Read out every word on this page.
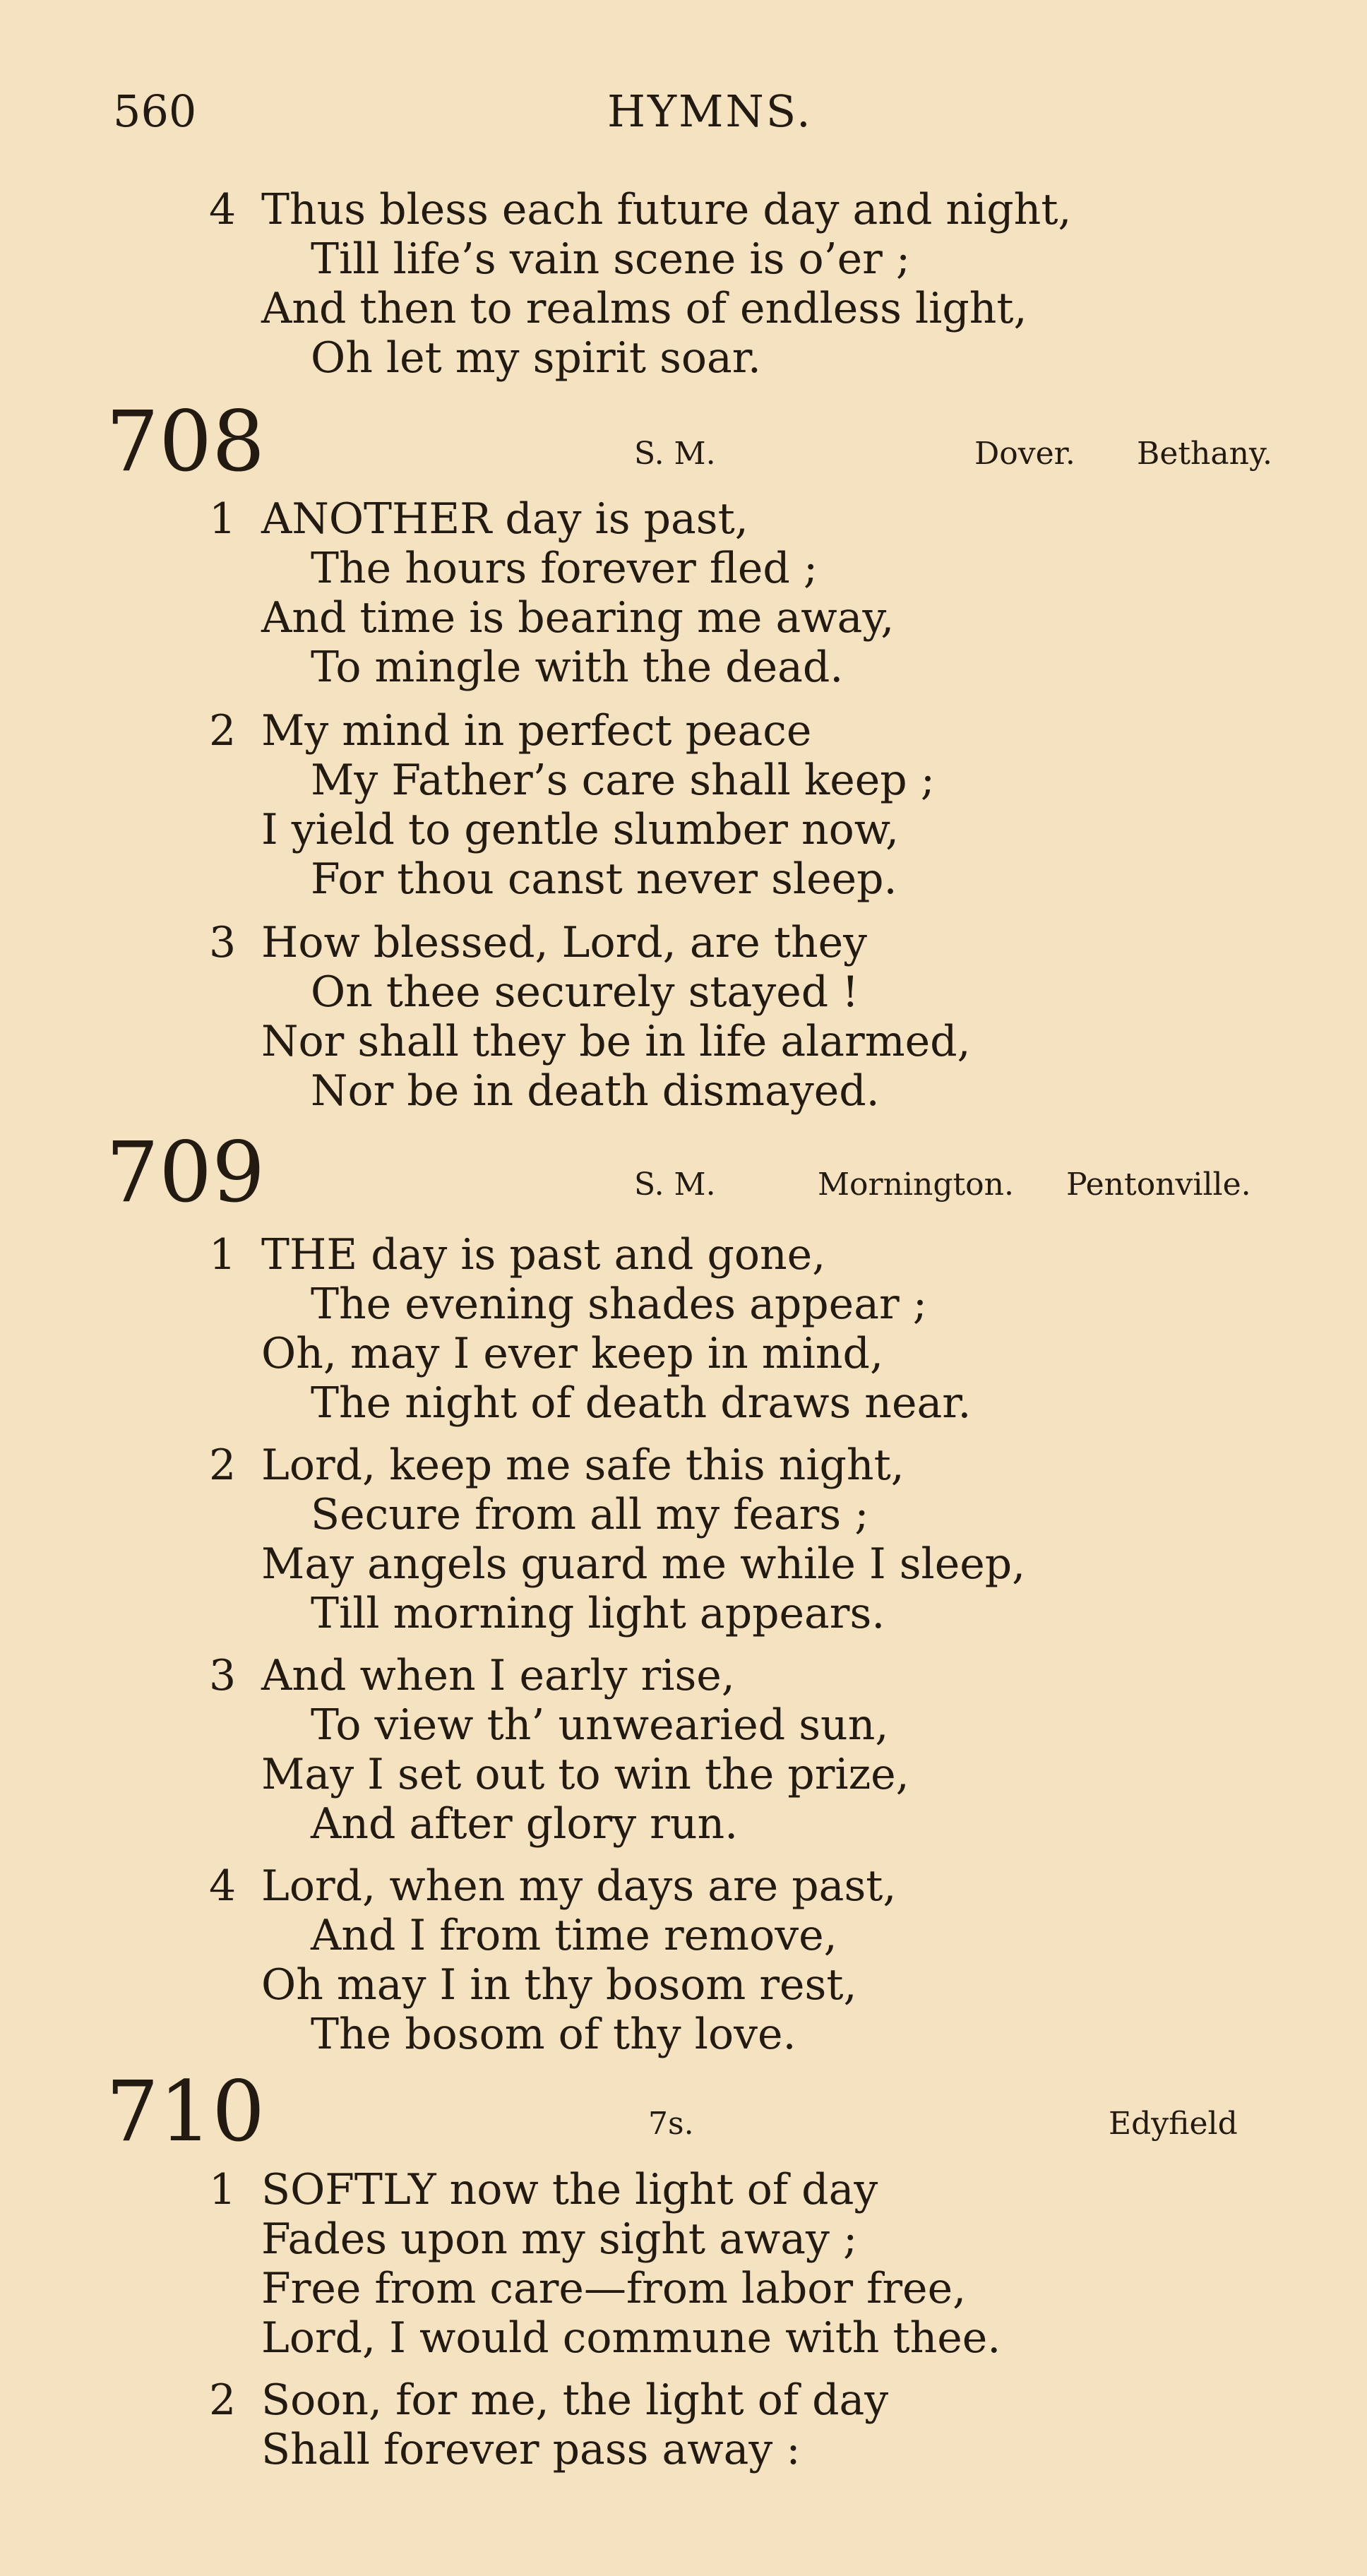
560	HYMNS.
4 Thus bless each future day and night,
Till life’s vain scene is o’er ;
And then to realms of endless light,
Oh let my spirit soar.
708	S. M.	Dover. Bethany.
1 ANOTHER day is past,
The hours forever fled ;
And time is bearing me away,
To mingle with the dead.
2 My mind in perfect peace
My Father’s care shall keep ;
I yield to gentle slumber now,
For thou canst never sleep.
3 How blessed, Lord, are they
On thee securely stayed !
Nor shall they be in life alarmed,
Nor be in death dismayed.
709	S. M.	Mornington. Pentonville.
1 THE day is past and gone,
The evening shades appear ;
Oh, may I ever keep in mind,
The night of death draws near.
2 Lord, keep me safe this night,
Secure from all my fears ;
May angels guard me while I sleep,
Till morning light appears.
3 And when I early rise,
To view th’ unwearied sun,
May I set out to win the prize,
And after glory run.
4 Lord, when my days are past,
And I from time remove,
Oh may I in thy bosom rest,
The bosom of thy love.
710	7s.	Edyfield
1 SOFTLY now the light of day
Fades upon my sight away ;
Free from care—from labor free,
Lord, I would commune with thee.
2 Soon, for me, the light of day
Shall forever pass away :
